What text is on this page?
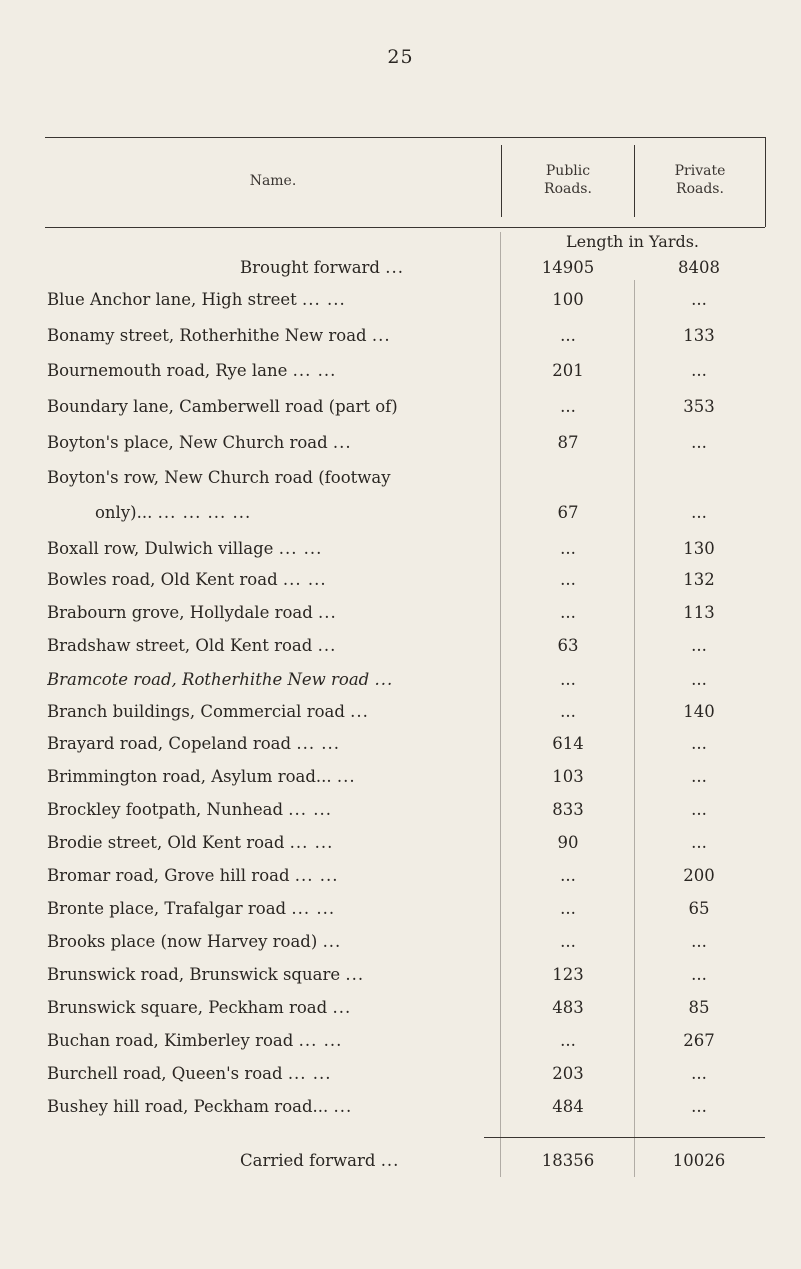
25
Name.
Public
Roads.
Private
Roads.
Length in Yards.
Brought forward ...	14905	8408
Blue Anchor lane, High street ... ...	100	...
Bonamy street, Rotherhithe New road ...	...	133
Bournemouth road, Rye lane ... ...	201	...
Boundary lane, Camberwell road (part of)	...	353
Boyton's place, New Church road ...	87	...
Boyton's row, New Church road (footway
only)... ... ... ... ...	67	...
Boxall row, Dulwich village ... ...	...	130
Bowles road, Old Kent road ... ...	...	132
Brabourn grove, Hollydale road ...	...	113
Bradshaw street, Old Kent road ...	63	...
Bramcote road, Rotherhithe New road ...	...	...
Branch buildings, Commercial road ...	...	140
Brayard road, Copeland road ... ...	614	...
Brimmington road, Asylum road... ...	103	...
Brockley footpath, Nunhead ... ...	833	...
Brodie street, Old Kent road ... ...	90	...
Bromar road, Grove hill road ... ...	...	200
Bronte place, Trafalgar road ... ...	...	65
Brooks place (now Harvey road) ...	...	...
Brunswick road, Brunswick square ...	123	...
Brunswick square, Peckham road ...	483	85
Buchan road, Kimberley road ... ...	...	267
Burchell road, Queen's road ... ...	203	...
Bushey hill road, Peckham road... ...	484	...
Carried forward ...	18356	10026
